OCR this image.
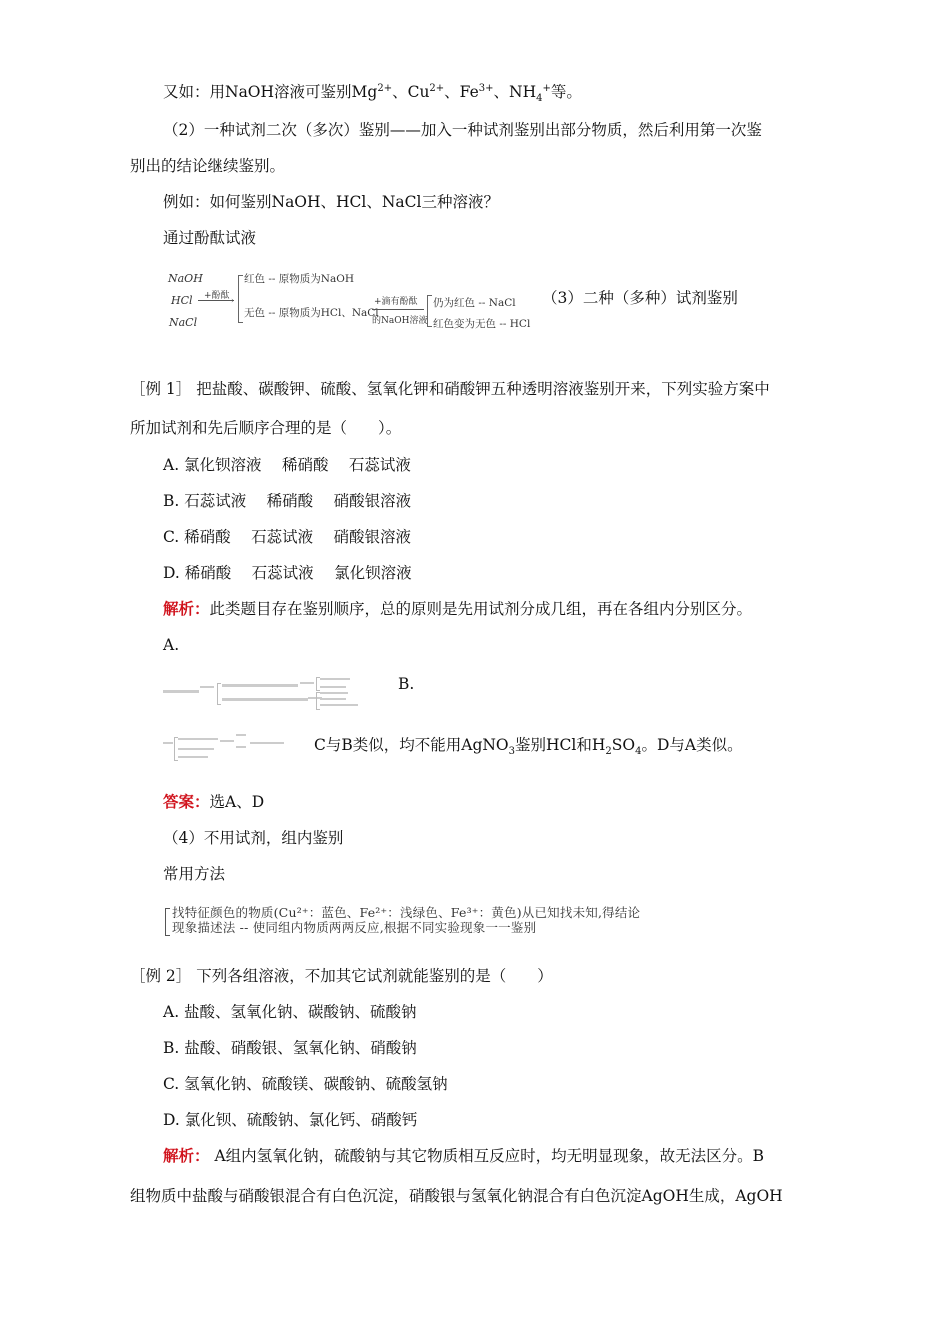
又如：用NaOH溶液可鉴别$Mg^{2+}$、$Cu^{2+}$、$Fe^{3+}$、$NH_4^+$等。
（2）一种试剂二次（多次）鉴别——加入一种试剂鉴别出部分物质，然后利用第一次鉴
别出的结论继续鉴别。
例如：如何鉴别NaOH、HCl、NaCl三种溶液？
通过酚酞试液
NaOH
HCl
NaCl
+酚酞 ›
红色 -- 原物质为NaOH
无色 -- 原物质为HCl、NaCl
+滴有酚酞
的NaOH溶液
仍为红色 -- NaCl
红色变为无色 -- HCl
（3）二种（多种）试剂鉴别
［例 1］ 把盐酸、碳酸钾、硫酸、氢氧化钾和硝酸钾五种透明溶液鉴别开来，下列实验方案中
所加试剂和先后顺序合理的是（　　）。
A. 氯化钡溶液　 稀硝酸　 石蕊试液
B. 石蕊试液　 稀硝酸　 硝酸银溶液
C. 稀硝酸　 石蕊试液　 硝酸银溶液
D. 稀硝酸　 石蕊试液　 氯化钡溶液
解析：此类题目存在鉴别顺序，总的原则是先用试剂分成几组，再在各组内分别区分。
A.
B.
C与B类似，均不能用AgNO$_3$鉴别HCl和$H_2SO_4$。D与A类似。
答案：选A、D
（4）不用试剂，组内鉴别
常用方法
找特征颜色的物质(Cu²⁺：蓝色、Fe²⁺：浅绿色、Fe³⁺：黄色)从已知找未知,得结论
现象描述法 -- 使同组内物质两两反应,根据不同实验现象一一鉴别
［例 2］ 下列各组溶液，不加其它试剂就能鉴别的是（　　）
A. 盐酸、氢氧化钠、碳酸钠、硫酸钠
B. 盐酸、硝酸银、氢氧化钠、硝酸钠
C. 氢氧化钠、硫酸镁、碳酸钠、硫酸氢钠
D. 氯化钡、硫酸钠、氯化钙、硝酸钙
解析： A组内氢氧化钠，硫酸钠与其它物质相互反应时，均无明显现象，故无法区分。B
组物质中盐酸与硝酸银混合有白色沉淀，硝酸银与氢氧化钠混合有白色沉淀AgOH生成，AgOH
